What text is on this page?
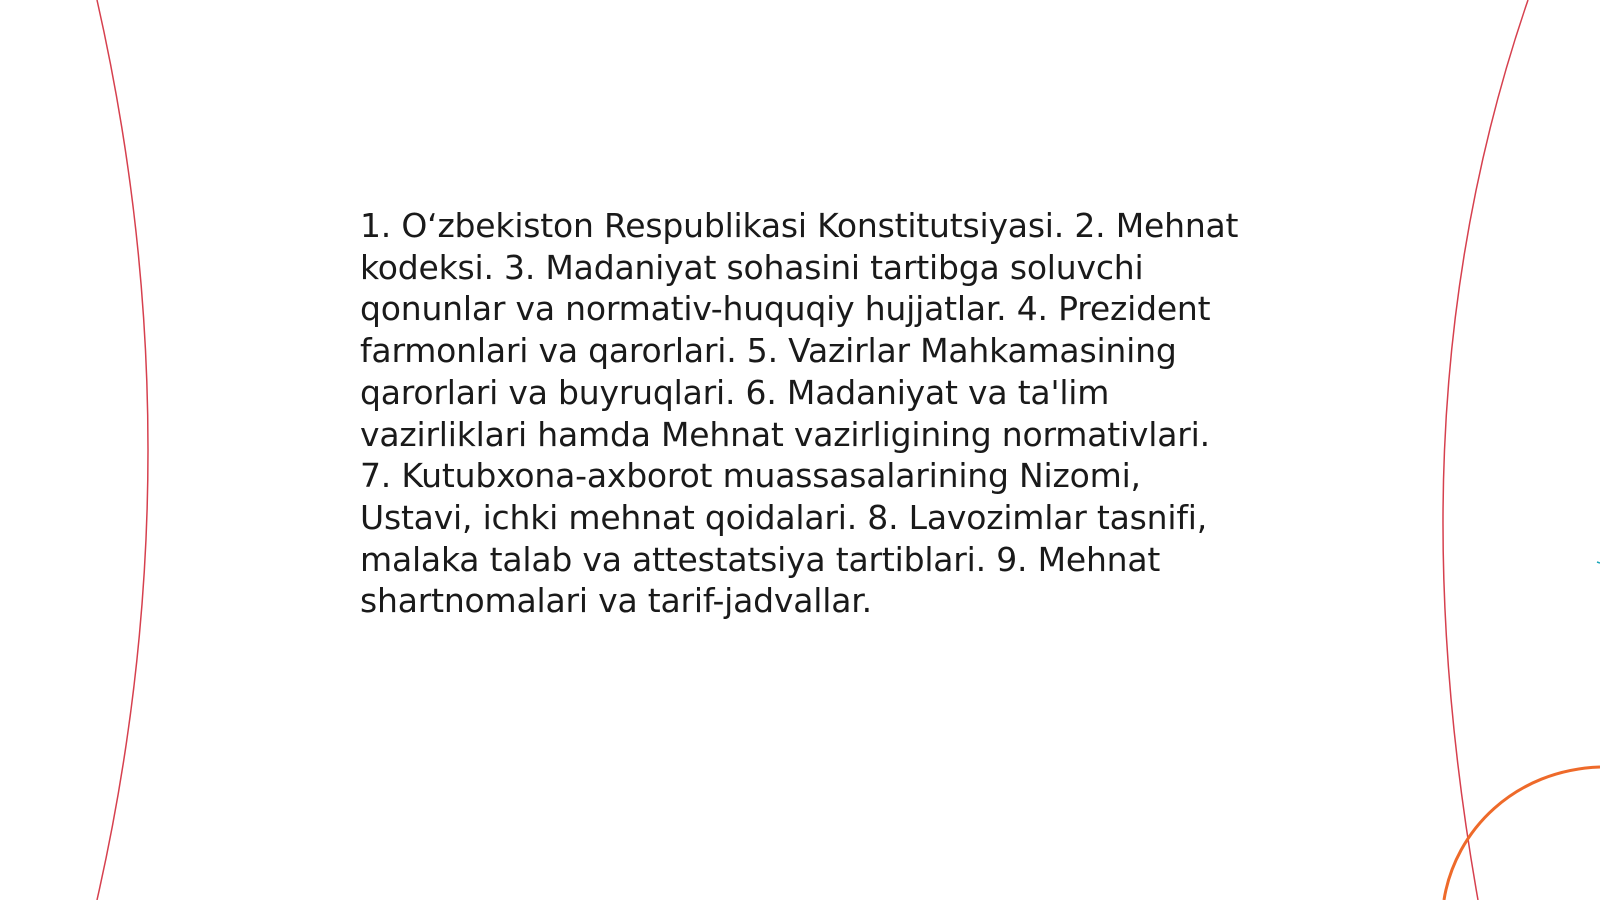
1. O‘zbekiston Respublikasi Konstitutsiyasi. 2. Mehnat kodeksi. 3. Madaniyat sohasini tartibga soluvchi qonunlar va normativ-huquqiy hujjatlar. 4. Prezident farmonlari va qarorlari. 5. Vazirlar Mahkamasining qarorlari va buyruqlari. 6. Madaniyat va ta'lim vazirliklari hamda Mehnat vazirligining normativlari. 7. Kutubxona-axborot muassasalarining Nizomi, Ustavi, ichki mehnat qoidalari. 8. Lavozimlar tasnifi, malaka talab va attestatsiya tartiblari. 9. Mehnat shartnomalari va tarif-jadvallar.
